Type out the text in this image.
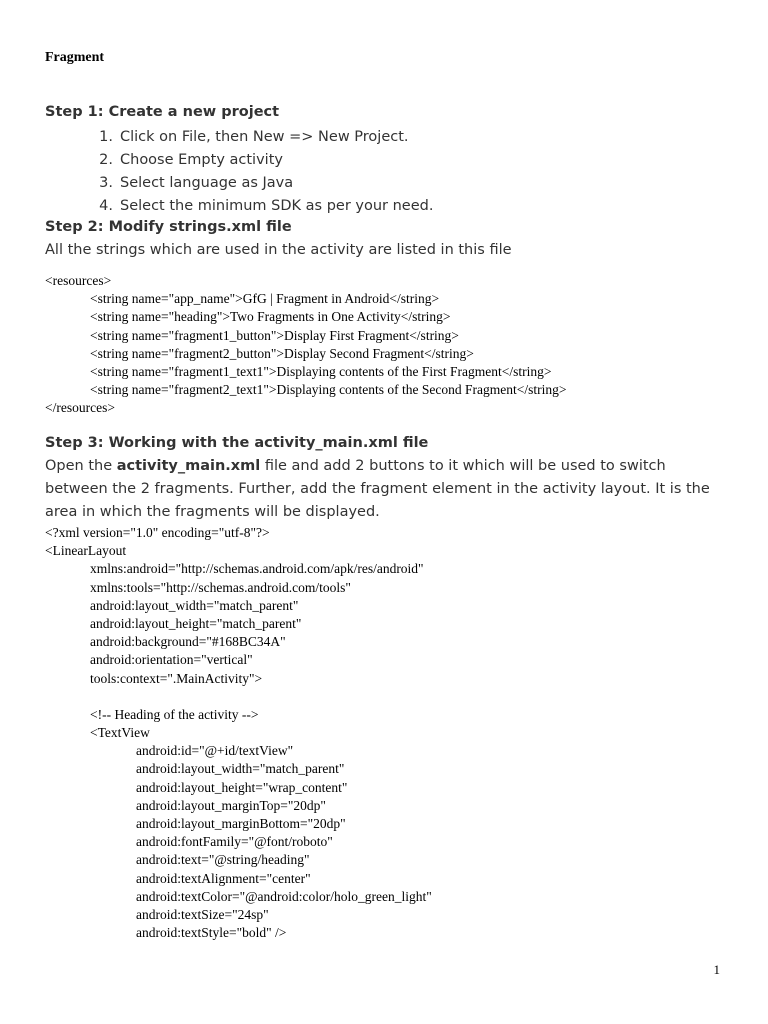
Fragment

Step 1: Create a new project

1. Click on File, then New => New Project.
2. Choose Empty activity
3. Select language as Java
4. Select the minimum SDK as per your need.

Step 2: Modify strings.xml file

All the strings which are used in the activity are listed in this file

<resources>
<string name="app_name">GfG | Fragment in Android</string>
<string name="heading">Two Fragments in One Activity</string>
<string name="fragment1_button">Display First Fragment</string>
<string name="fragment2_button">Display Second Fragment</string>
<string name="fragment1_text1">Displaying contents of the First Fragment</string>
<string name="fragment2_text1">Displaying contents of the Second Fragment</string>
</resources>

Step 3: Working with the activity_main.xml file

Open the activity_main.xml file and add 2 buttons to it which will be used to switch

between the 2 fragments. Further, add the fragment element in the activity layout. It is the

area in which the fragments will be displayed.

<?xml version="1.0" encoding="utf-8"?>
<LinearLayout
xmlns:android="http://schemas.android.com/apk/res/android"
xmlns:tools="http://schemas.android.com/tools"
android:layout_width="match_parent"
android:layout_height="match_parent"
android:background="#168BC34A"
android:orientation="vertical"
tools:context=".MainActivity">
<!-- Heading of the activity -->
<TextView
android:id="@+id/textView"
android:layout_width="match_parent"
android:layout_height="wrap_content"
android:layout_marginTop="20dp"
android:layout_marginBottom="20dp"
android:fontFamily="@font/roboto"
android:text="@string/heading"
android:textAlignment="center"
android:textColor="@android:color/holo_green_light"
android:textSize="24sp"
android:textStyle="bold" />

1
